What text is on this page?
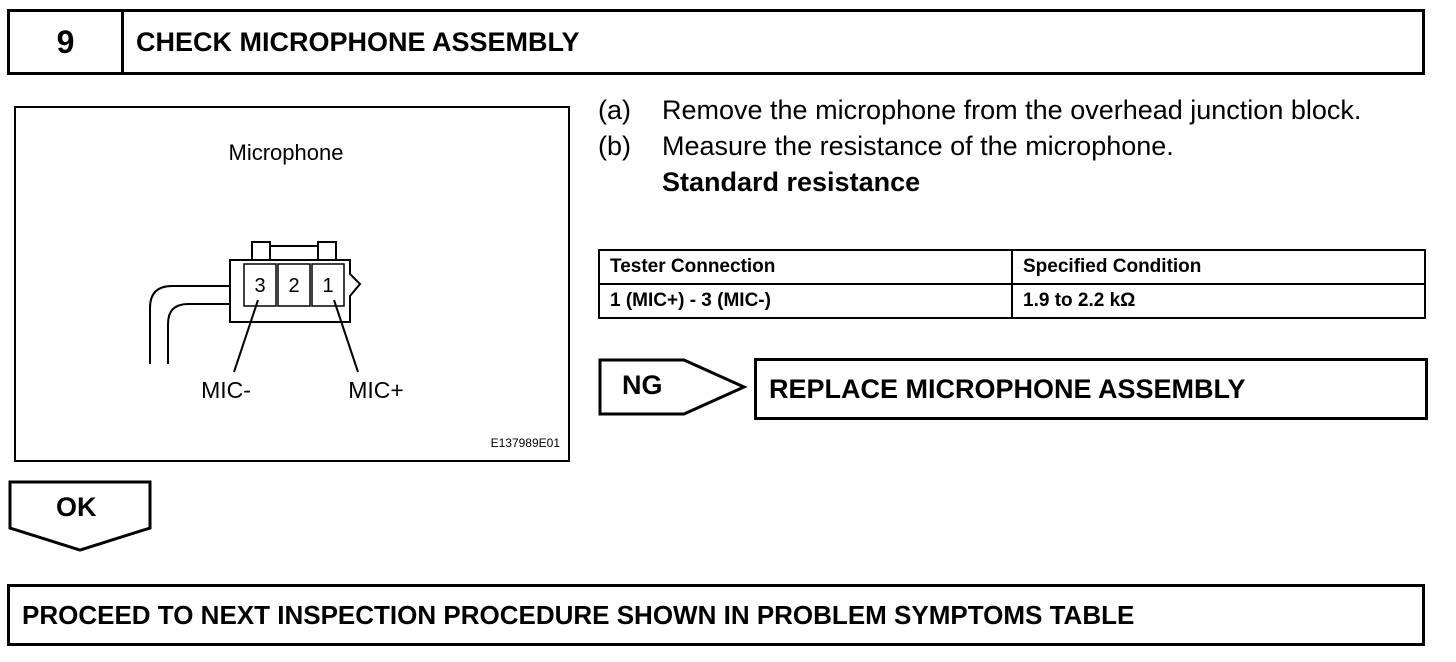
9	CHECK MICROPHONE ASSEMBLY
Microphone
3 2 1
MIC-	MIC+
E137989E01
(a)	Remove the microphone from the overhead junction block.
(b)	Measure the resistance of the microphone.
Standard resistance
Tester Connection	Specified Condition
1 (MIC+) - 3 (MIC-)	1.9 to 2.2 kΩ
NG	REPLACE MICROPHONE ASSEMBLY
OK
PROCEED TO NEXT INSPECTION PROCEDURE SHOWN IN PROBLEM SYMPTOMS TABLE
